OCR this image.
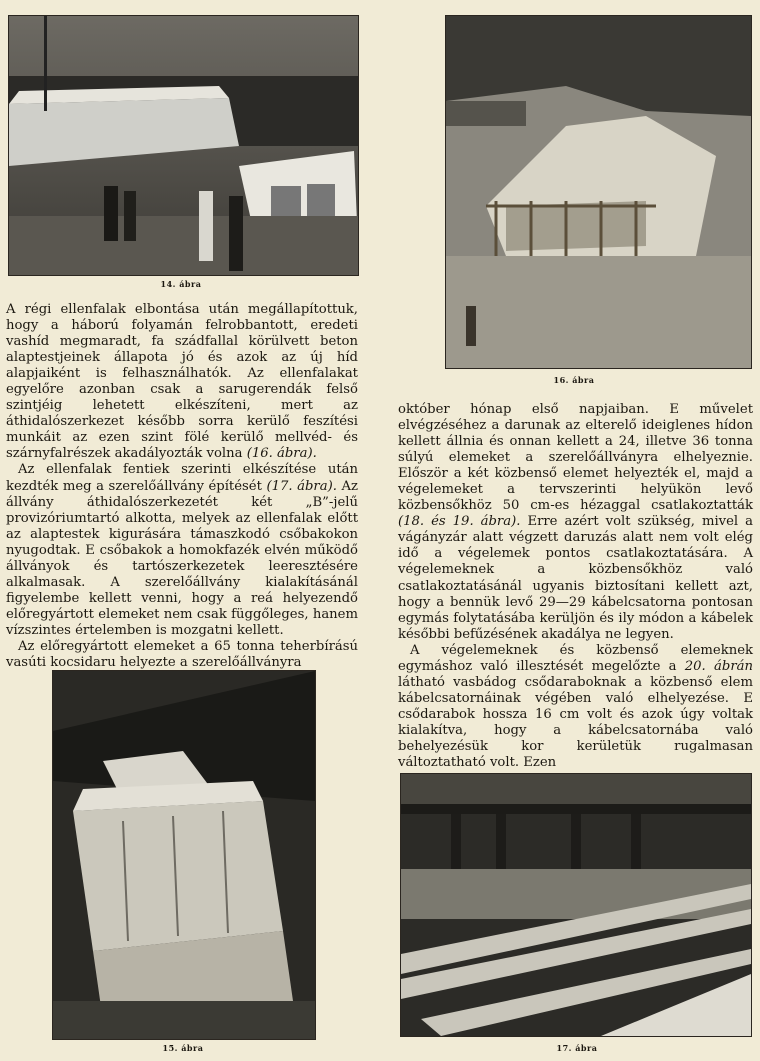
14. ábra
16. ábra

A régi ellenfalak elbontása után megállapítottuk, hogy a háború folyamán felrobbantott, eredeti vashíd megmaradt, fa szádfallal körülvett beton alaptestjeinek állapota jó és azok az új híd alapjaiként is felhasználhatók. Az ellenfalakat egyelőre azonban csak a sarugerendák felső szintjéig lehetett elkészíteni, mert az áthidalószerkezet később sorra kerülő feszítési munkáit az ezen szint fölé kerülő mellvéd- és szárnyfalrészek akadályozták volna (16. ábra).

Az ellenfalak fentiek szerinti elkészítése után kezdték meg a szerelőállvány építését (17. ábra). Az állvány áthidalószerkezetét két „B”-jelű provizóriumtartó alkotta, melyek az ellenfalak előtt az alaptestek kigurására támaszkodó csőbakokon nyugodtak. E csőbakok a homokfazék elvén működő állványok és tartószerkezetek leeresztésére alkalmasak. A szerelőállvány kialakításánál figyelembe kellett venni, hogy a reá helyezendő előregyártott elemeket nem csak függőleges, hanem vízszintes értelemben is mozgatni kellett.

Az előregyártott elemeket a 65 tonna teherbírású vasúti kocsidaru helyezte a szerelőállványra

október hónap első napjaiban. E művelet elvégzéséhez a darunak az elterelő ideiglenes hídon kellett állnia és onnan kellett a 24, illetve 36 tonna súlyú elemeket a szerelőállványra elhelyeznie. Először a két közbenső elemet helyezték el, majd a végelemeket a tervszerinti helyükön levő közbensőkhöz 50 cm-es hézaggal csatlakoztatták (18. és 19. ábra). Erre azért volt szükség, mivel a vágányzár alatt végzett daruzás alatt nem volt elég idő a végelemek pontos csatlakoztatására. A végelemeknek a közbensőkhöz való csatlakoztatásánál ugyanis biztosítani kellett azt, hogy a bennük levő 29—29 kábelcsatorna pontosan egymás folytatásába kerüljön és ily módon a kábelek későbbi befűzésének akadálya ne legyen.

A végelemeknek és közbenső elemeknek egymáshoz való illesztését megelőzte a 20. ábrán látható vasbádog csődaraboknak a közbenső elem kábelcsatornáinak végében való elhelyezése. E csődarabok hossza 16 cm volt és azok úgy voltak kialakítva, hogy a kábelcsatornába való behelyezésük kor kerületük rugalmasan változtatható volt. Ezen

15. ábra	17. ábra
